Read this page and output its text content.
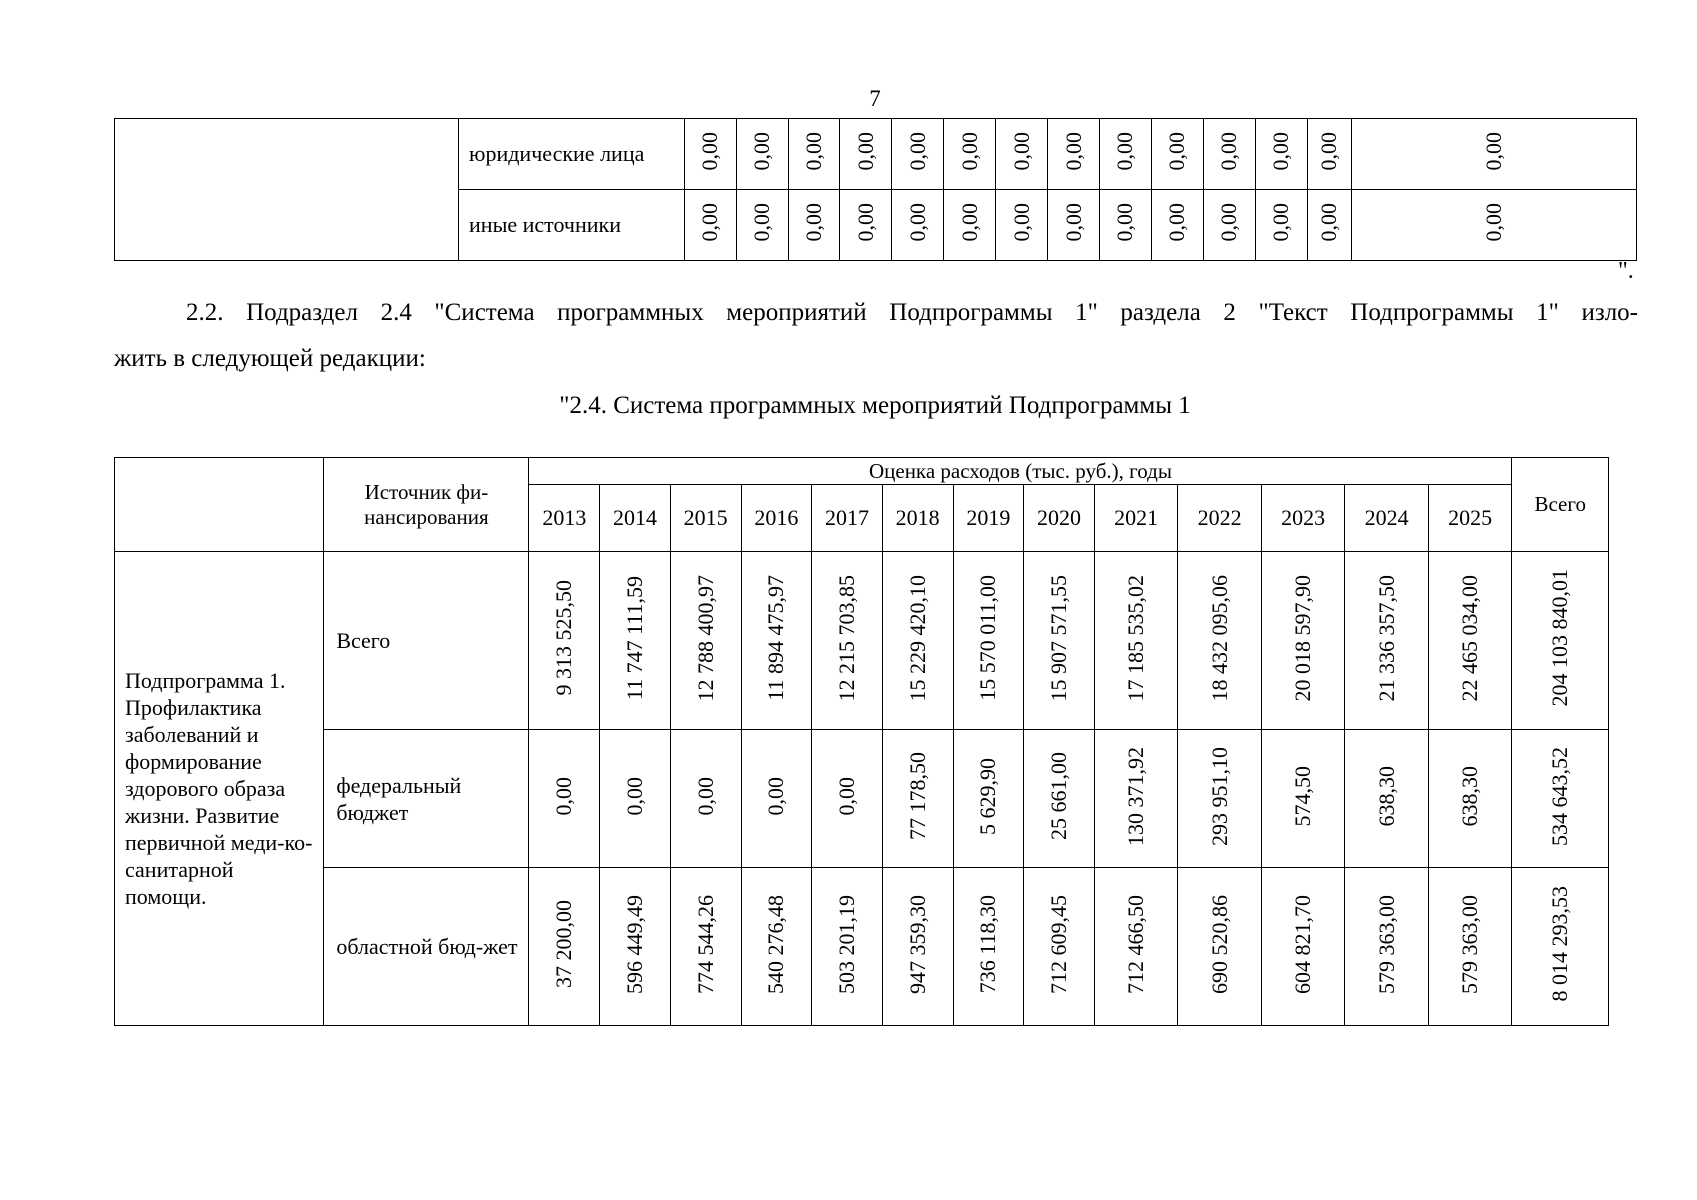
7
	юридические лица	0,00	0,00	0,00	0,00	0,00	0,00	0,00	0,00	0,00	0,00	0,00	0,00	0,00	0,00
	иные источники	0,00	0,00	0,00	0,00	0,00	0,00	0,00	0,00	0,00	0,00	0,00	0,00	0,00	0,00
".
2.2. Подраздел 2.4 "Система программных мероприятий Подпрограммы 1" раздела 2 "Текст Подпрограммы 1" изло-
жить в следующей редакции:
"2.4. Система программных мероприятий Подпрограммы 1
	Источник фи-нансирования	Оценка расходов (тыс. руб.), годы													Всего
		2013	2014	2015	2016	2017	2018	2019	2020	2021	2022	2023	2024	2025	
Подпрограмма 1. Профилактика заболеваний и формирование здорового образа жизни. Развитие первичной меди-ко-санитарной помощи.	Всего	9 313 525,50	11 747 111,59	12 788 400,97	11 894 475,97	12 215 703,85	15 229 420,10	15 570 011,00	15 907 571,55	17 185 535,02	18 432 095,06	20 018 597,90	21 336 357,50	22 465 034,00	204 103 840,01
	федеральный бюджет	0,00	0,00	0,00	0,00	0,00	77 178,50	5 629,90	25 661,00	130 371,92	293 951,10	574,50	638,30	638,30	534 643,52
	областной бюд-жет	37 200,00	596 449,49	774 544,26	540 276,48	503 201,19	947 359,30	736 118,30	712 609,45	712 466,50	690 520,86	604 821,70	579 363,00	579 363,00	8 014 293,53
